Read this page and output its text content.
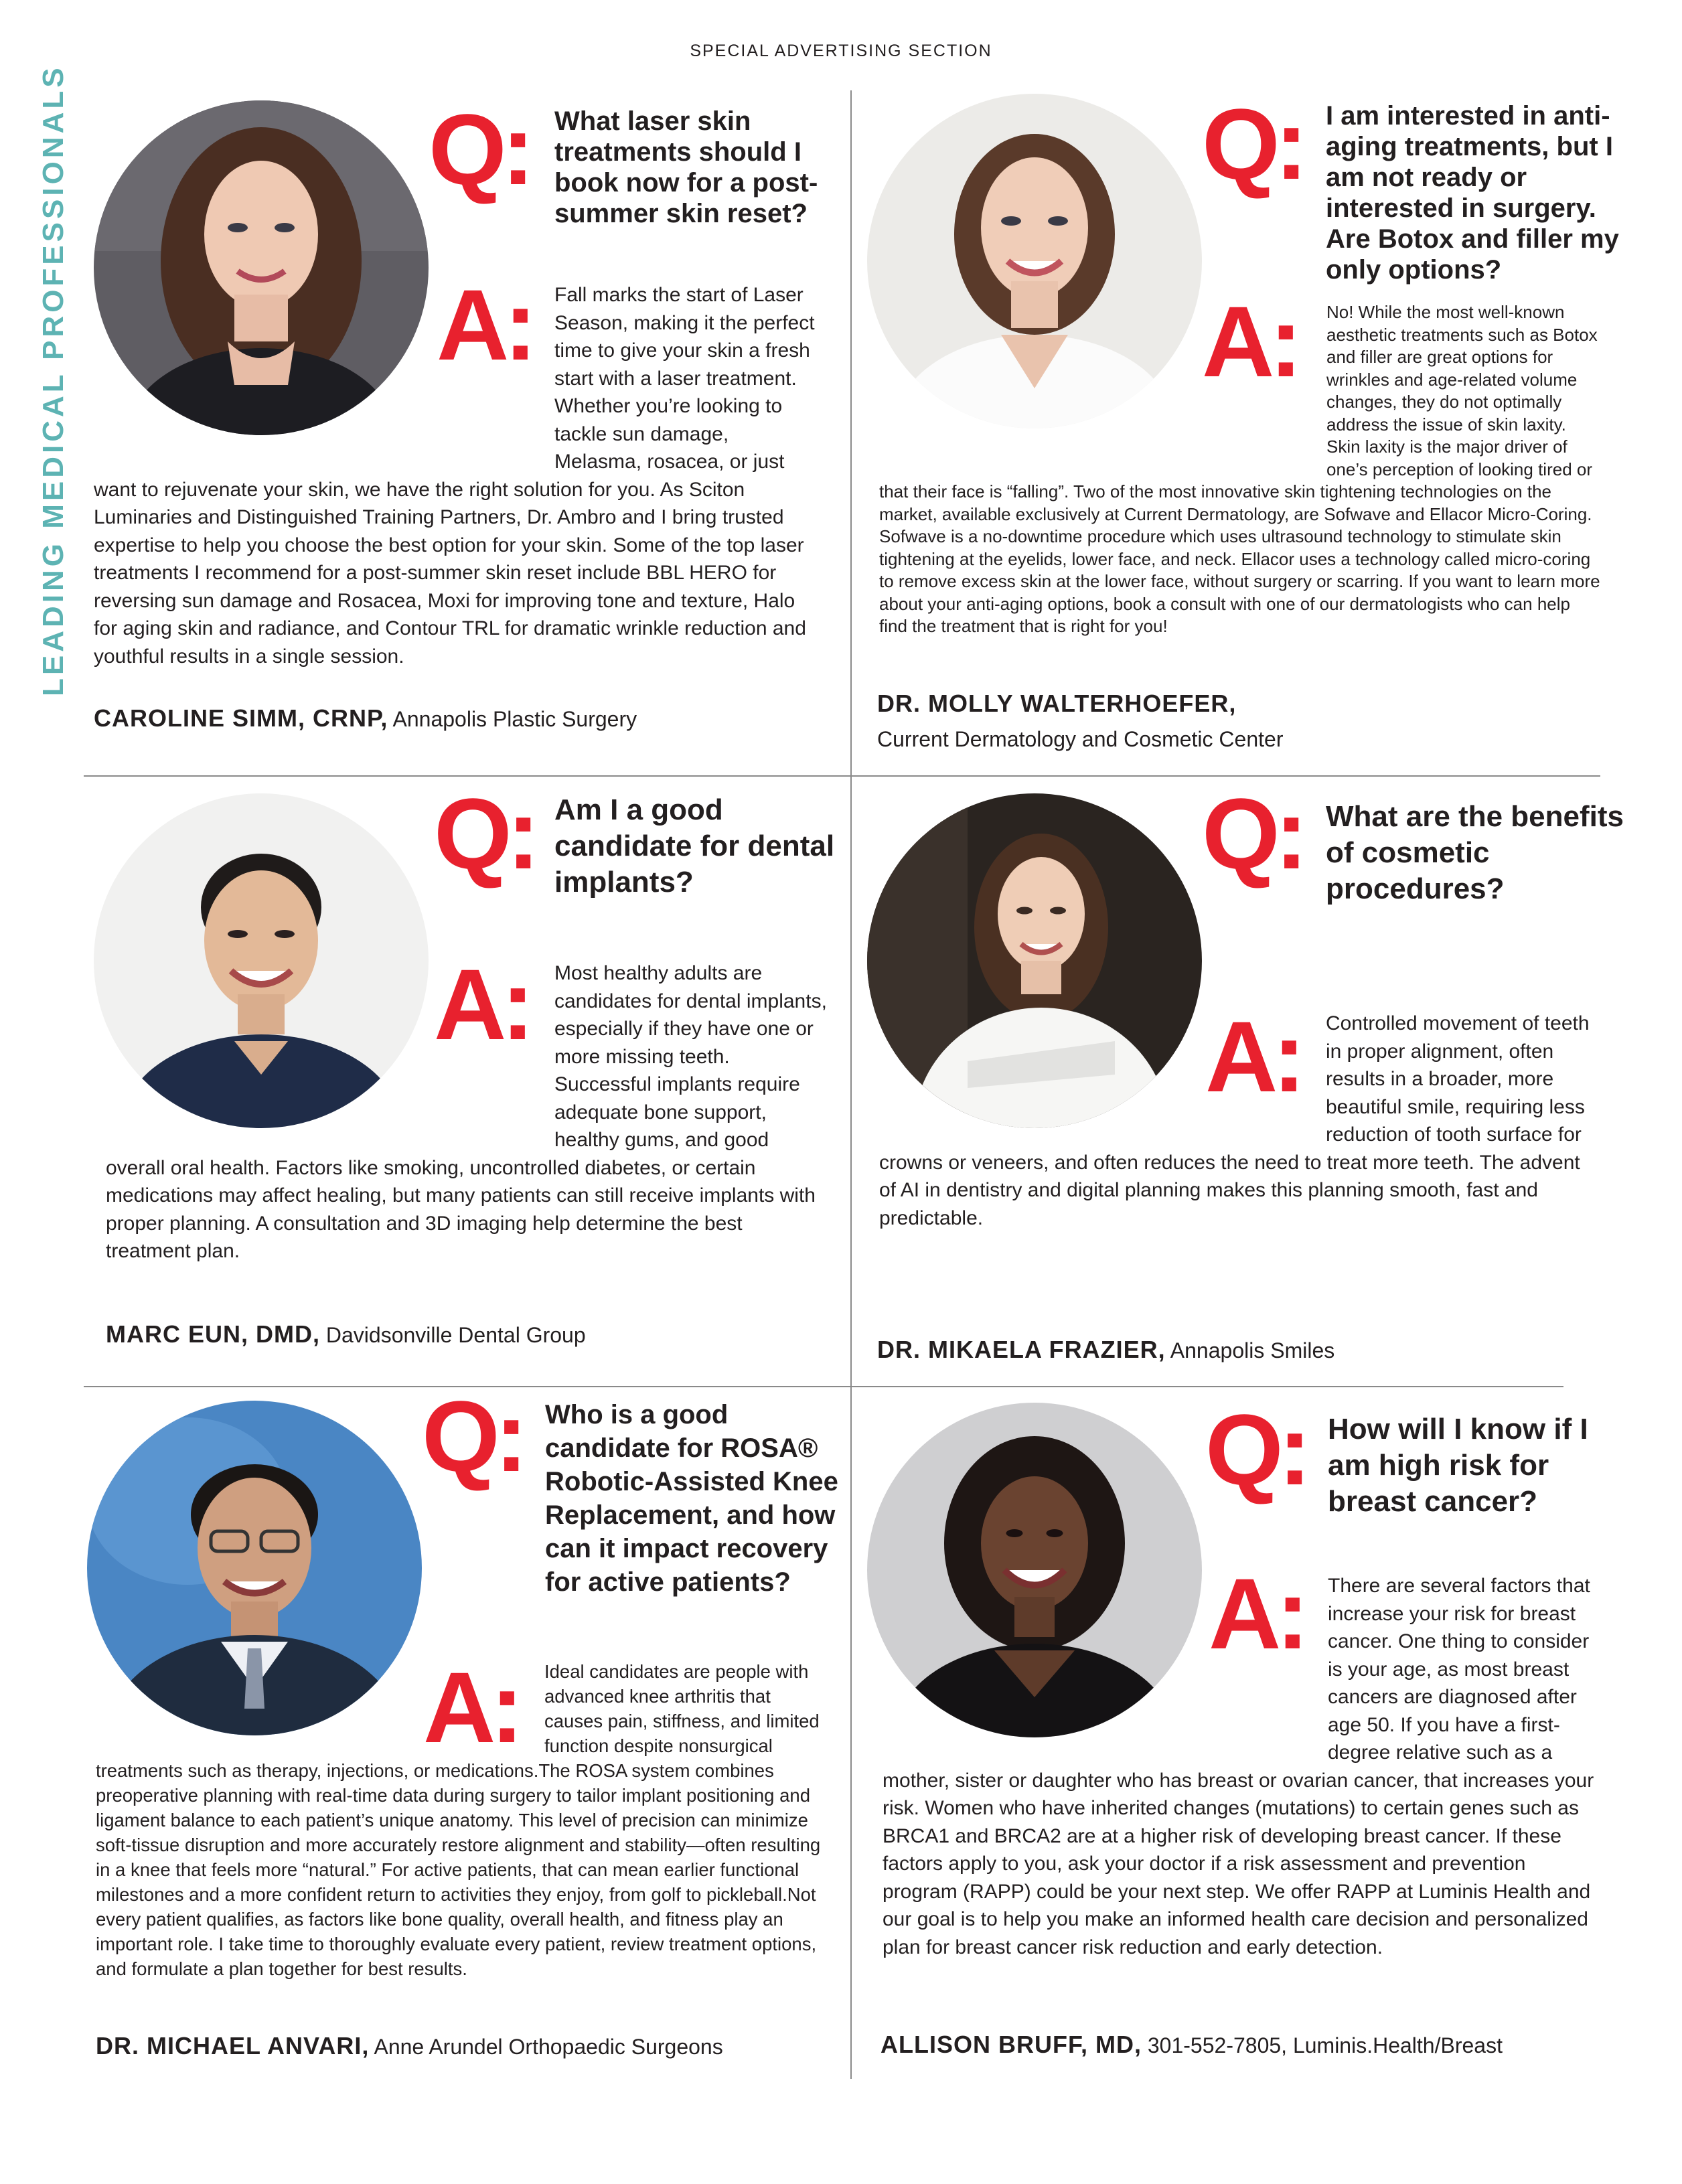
SPECIAL ADVERTISING SECTION
LEADING MEDICAL PROFESSIONALS	Q: What laser skin treatments should I book now for a post-summer skin reset?
A:	Fall marks the start of Laser Season, making it the perfect time to give your skin a fresh start with a laser treatment. Whether you’re looking to tackle sun damage, Melasma, rosacea, or just want to rejuvenate your skin, we have the right solution for you. As Sciton Luminaries and Distinguished Training Partners, Dr. Ambro and I bring trusted expertise to help you choose the best option for your skin. Some of the top laser treatments I recommend for a post-summer skin reset include BBL HERO for reversing sun damage and Rosacea, Moxi for improving tone and texture, Halo for aging skin and radiance, and Contour TRL for dramatic wrinkle reduction and youthful results in a single session.
CAROLINE SIMM, CRNP, Annapolis Plastic Surgery
Q: I am interested in anti-aging treatments, but I am not ready or interested in surgery. Are Botox and filler my only options?
A:	No! While the most well-known aesthetic treatments such as Botox and filler are great options for wrinkles and age-related volume changes, they do not optimally address the issue of skin laxity. Skin laxity is the major driver of one’s perception of looking tired or that their face is “falling”. Two of the most innovative skin tightening technologies on the market, available exclusively at Current Dermatology, are Sofwave and Ellacor Micro-Coring. Sofwave is a no-downtime procedure which uses ultrasound technology to stimulate skin tightening at the eyelids, lower face, and neck. Ellacor uses a technology called micro-coring to remove excess skin at the lower face, without surgery or scarring. If you want to learn more about your anti-aging options, book a consult with one of our dermatologists who can help find the treatment that is right for you!
DR. MOLLY WALTERHOEFER,
Current Dermatology and Cosmetic Center
Q: Am I a good candidate for dental implants?
A:	Most healthy adults are candidates for dental implants, especially if they have one or more missing teeth. Successful implants require adequate bone support, healthy gums, and good overall oral health. Factors like smoking, uncontrolled diabetes, or certain medications may affect healing, but many patients can still receive implants with proper planning. A consultation and 3D imaging help determine the best treatment plan.
MARC EUN, DMD, Davidsonville Dental Group
Q: What are the benefits of cosmetic procedures?
A:	Controlled movement of teeth in proper alignment, often results in a broader, more beautiful smile, requiring less reduction of tooth surface for crowns or veneers, and often reduces the need to treat more teeth. The advent of AI in dentistry and digital planning makes this planning smooth, fast and predictable.
DR. MIKAELA FRAZIER, Annapolis Smiles
Q: Who is a good candidate for ROSA® Robotic-Assisted Knee Replacement, and how can it impact recovery for active patients?
A:	Ideal candidates are people with advanced knee arthritis that causes pain, stiffness, and limited function despite nonsurgical treatments such as therapy, injections, or medications.The ROSA system combines preoperative planning with real-time data during surgery to tailor implant positioning and ligament balance to each patient’s unique anatomy. This level of precision can minimize soft-tissue disruption and more accurately restore alignment and stability—often resulting in a knee that feels more “natural.” For active patients, that can mean earlier functional milestones and a more confident return to activities they enjoy, from golf to pickleball.Not every patient qualifies, as factors like bone quality, overall health, and fitness play an important role. I take time to thoroughly evaluate every patient, review treatment options, and formulate a plan together for best results.
DR. MICHAEL ANVARI, Anne Arundel Orthopaedic Surgeons
Q: How will I know if I am high risk for breast cancer?
A:	There are several factors that increase your risk for breast cancer. One thing to consider is your age, as most breast cancers are diagnosed after age 50. If you have a first-degree relative such as a mother, sister or daughter who has breast or ovarian cancer, that increases your risk. Women who have inherited changes (mutations) to certain genes such as BRCA1 and BRCA2 are at a higher risk of developing breast cancer. If these factors apply to you, ask your doctor if a risk assessment and prevention program (RAPP) could be your next step. We offer RAPP at Luminis Health and our goal is to help you make an informed health care decision and personalized plan for breast cancer risk reduction and early detection.
ALLISON BRUFF, MD, 301-552-7805, Luminis.Health/Breast
